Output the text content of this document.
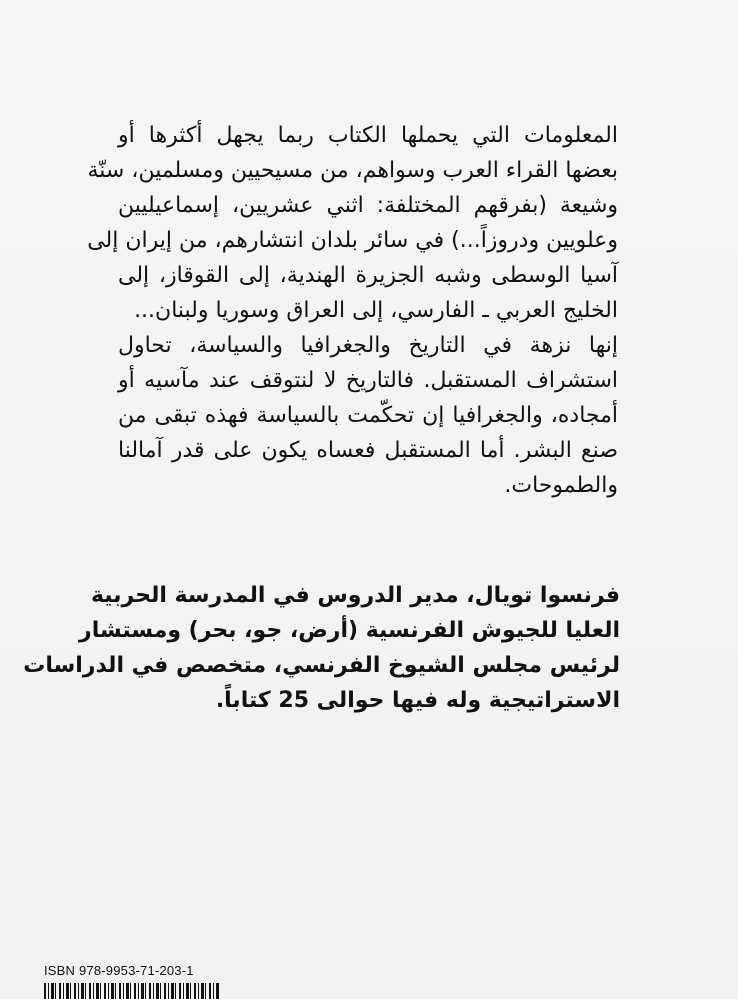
المعلومات التي يحملها الكتاب ربما يجهل أكثرها أو
بعضها القراء العرب وسواهم، من مسيحيين ومسلمين، سنّة
وشيعة (بفرقهم المختلفة: اثني عشريين، إسماعيليين
وعلويين ودروزاً...) في سائر بلدان انتشارهم، من إيران إلى
آسيا الوسطى وشبه الجزيرة الهندية، إلى القوقاز، إلى
الخليج العربي ـ الفارسي، إلى العراق وسوريا ولبنان...
إنها نزهة في التاريخ والجغرافيا والسياسة، تحاول
استشراف المستقبل. فالتاريخ لا لنتوقف عند مآسيه أو
أمجاده، والجغرافيا إن تحكّمت بالسياسة فهذه تبقى من
صنع البشر. أما المستقبل فعساه يكون على قدر آمالنا
والطموحات.
فرنسوا تويال، مدير الدروس في المدرسة الحربية
العليا للجيوش الفرنسية (أرض، جو، بحر) ومستشار
لرئيس مجلس الشيوخ الفرنسي، متخصص في الدراسات
الاستراتيجية وله فيها حوالى 25 كتاباً.
ISBN 978-9953-71-203-1
